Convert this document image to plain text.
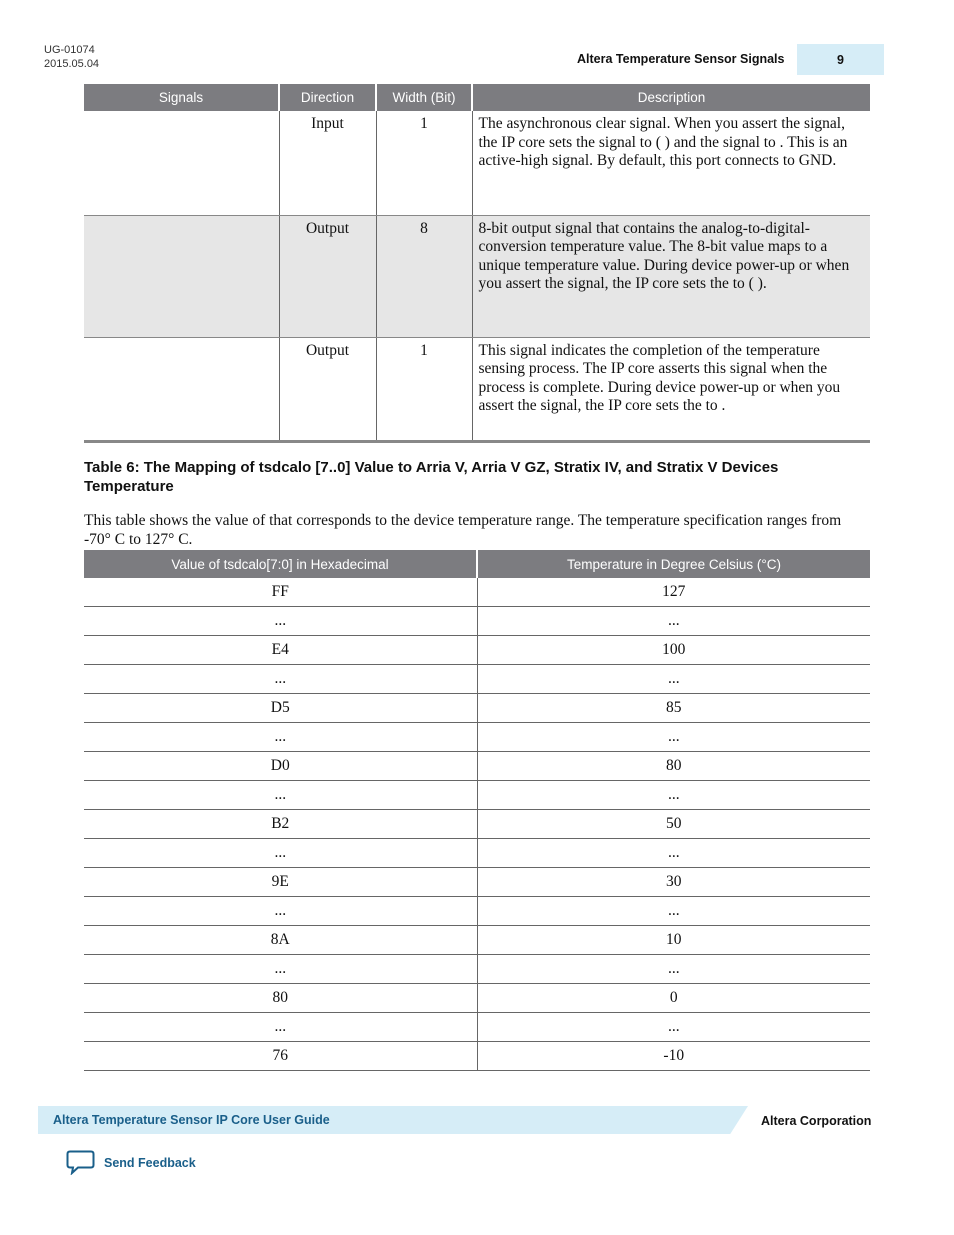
UG-01074
2015.05.04	Altera Temperature Sensor Signals	9
Signals	Direction	Width (Bit)	Description
	Input	1	The asynchronous clear signal. When you assert the signal, the IP core sets the signal to ( ) and the signal to . This is an active-high signal. By default, this port connects to GND.
	Output	8	8-bit output signal that contains the analog-to-digital-conversion temperature value. The 8-bit value maps to a unique temperature value. During device power-up or when you assert the signal, the IP core sets the to ( ).
	Output	1	This signal indicates the completion of the temperature sensing process. The IP core asserts this signal when the process is complete. During device power-up or when you assert the signal, the IP core sets the to .
Table 6: The Mapping of tsdcalo [7..0] Value to Arria V, Arria V GZ, Stratix IV, and Stratix V Devices Temperature
This table shows the value of that corresponds to the device temperature range. The temperature specification ranges from -70° C to 127° C.
Value of tsdcalo[7:0] in Hexadecimal	Temperature in Degree Celsius (°C)
FF	127
...	...
E4	100
...	...
D5	85
...	...
D0	80
...	...
B2	50
...	...
9E	30
...	...
8A	10
...	...
80	0
...	...
76	-10
Altera Temperature Sensor IP Core User Guide	Altera Corporation
Send Feedback
